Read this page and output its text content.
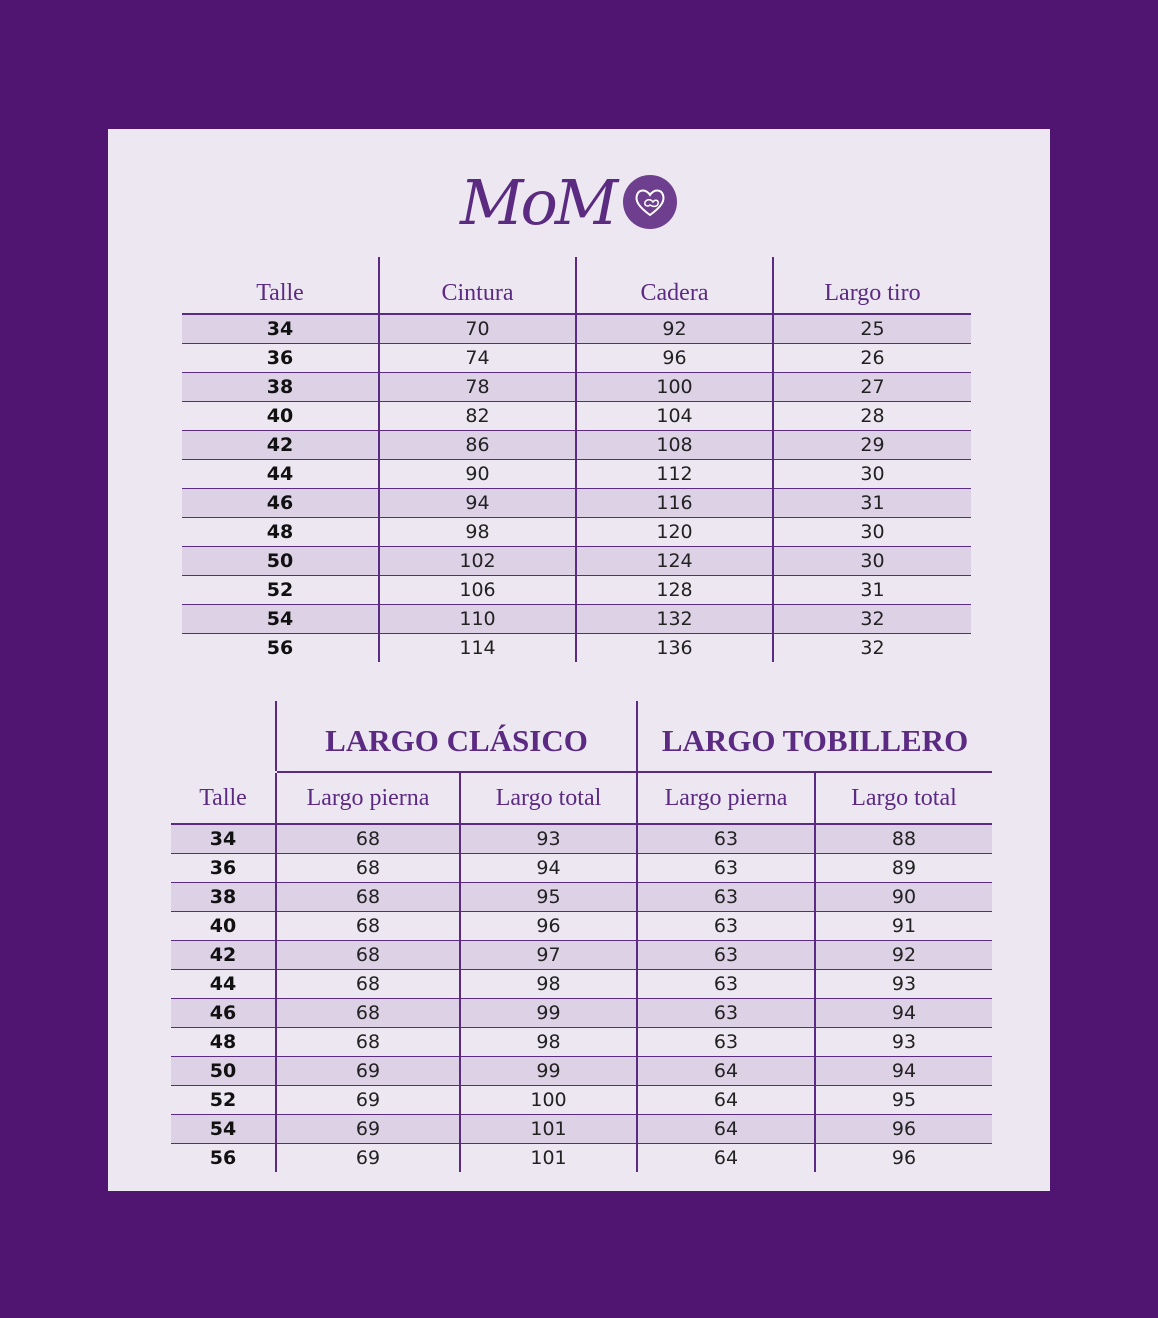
MoM
Talle	Cintura	Cadera	Largo tiro
34	70	92	25
36	74	96	26
38	78	100	27
40	82	104	28
42	86	108	29
44	90	112	30
46	94	116	31
48	98	120	30
50	102	124	30
52	106	128	31
54	110	132	32
56	114	136	32
	LARGO CLÁSICO		LARGO TOBILLERO	
Talle	Largo pierna	Largo total	Largo pierna	Largo total
34	68	93	63	88
36	68	94	63	89
38	68	95	63	90
40	68	96	63	91
42	68	97	63	92
44	68	98	63	93
46	68	99	63	94
48	68	98	63	93
50	69	99	64	94
52	69	100	64	95
54	69	101	64	96
56	69	101	64	96
